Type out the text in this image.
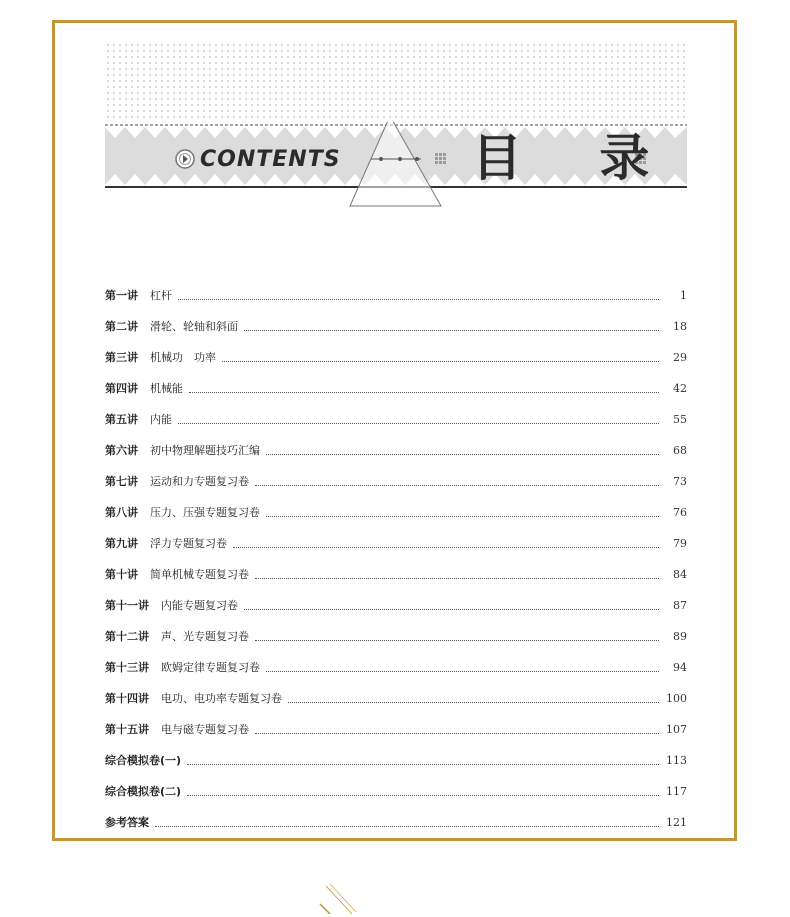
CONTENTS	目 录
第一讲 杠杆	1
第二讲 滑轮、轮轴和斜面	18
第三讲 机械功　功率	29
第四讲 机械能	42
第五讲 内能	55
第六讲 初中物理解题技巧汇编	68
第七讲 运动和力专题复习卷	73
第八讲 压力、压强专题复习卷	76
第九讲 浮力专题复习卷	79
第十讲 简单机械专题复习卷	84
第十一讲 内能专题复习卷	87
第十二讲 声、光专题复习卷	89
第十三讲 欧姆定律专题复习卷	94
第十四讲 电功、电功率专题复习卷	100
第十五讲 电与磁专题复习卷	107
综合模拟卷(一)	113
综合模拟卷(二)	117
参考答案	121
